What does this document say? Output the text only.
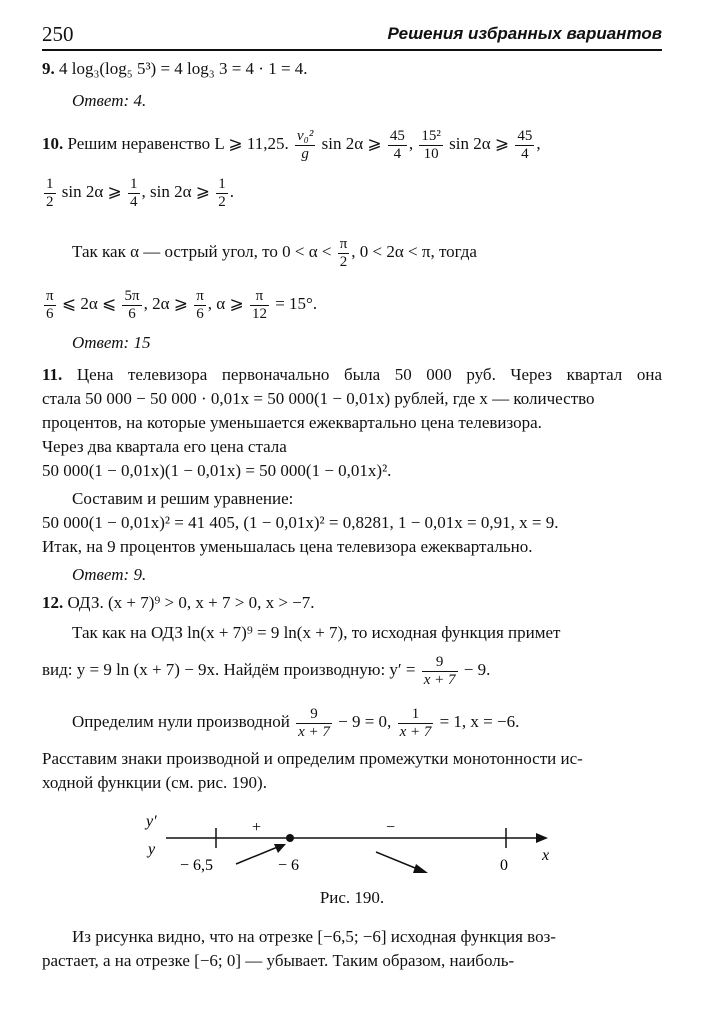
250	Решения избранных вариантов
9. 4 log₃(log₅ 5³) = 4 log₃ 3 = 4 · 1 = 4.
Ответ: 4.
10. Решим неравенство L ⩾ 11,25. $\frac{\text{v₀²}}{g}$ sin 2α ⩾ $\frac{45}{4}$ , $\frac{\text{15²}}{10}$ sin 2α ⩾ $\frac{45}{4}$ ,
$\frac{1}{2}$ sin 2α ⩾ $\frac{1}{4}$ , sin 2α ⩾ $\frac{1}{2}$ .
Так как α — острый угол, то $0 < \alpha < \frac{\pi}{2}$ , 0 < 2α < π, тогда
$\frac{\pi}{6}$ ⩽ 2α ⩽ $\frac{5\pi}{6}$ , 2α ⩾ $\frac{\pi}{6}$ , α ⩾ $\frac{\pi}{12} = 15^\circ$.
Ответ: 15
11. Цена телевизора первоначально была 50 000 руб. Через квартал она
стала 50 000 − 50 000 · 0,01x = 50 000(1 − 0,01x) рублей, где x — количество
процентов, на которые уменьшается ежеквартально цена телевизора.
Через два квартала его цена стала
50 000(1 − 0,01x)(1 − 0,01x) = 50 000(1 − 0,01x)².
Составим и решим уравнение:
50 000(1 − 0,01x)² = 41 405, (1 − 0,01x)² = 0,8281, 1 − 0,01x = 0,91, x = 9.
Итак, на 9 процентов уменьшалась цена телевизора ежеквартально.
Ответ: 9.
12. ОДЗ. (x + 7)⁹ > 0, x + 7 > 0, x > −7.
Так как на ОДЗ ln(x + 7)⁹ = 9 ln(x + 7), то исходная функция примет
вид: y = 9 ln (x + 7) − 9x. Найдём производную: $y' = \frac{9}{x + 7} - 9$.
Определим нули производной $\frac{9}{x + 7} - 9 = 0$, $\frac{1}{x + 7} = 1$, x = −6.
Расставим знаки производной и определим промежутки монотонности ис-
ходной функции (см. рис. 190).
y′
y	x
+	−
− 6,5	− 6	0
Рис. 190.
Из рисунка видно, что на отрезке [−6,5; −6] исходная функция воз-
растает, а на отрезке [−6; 0] — убывает. Таким образом, наиболь-
